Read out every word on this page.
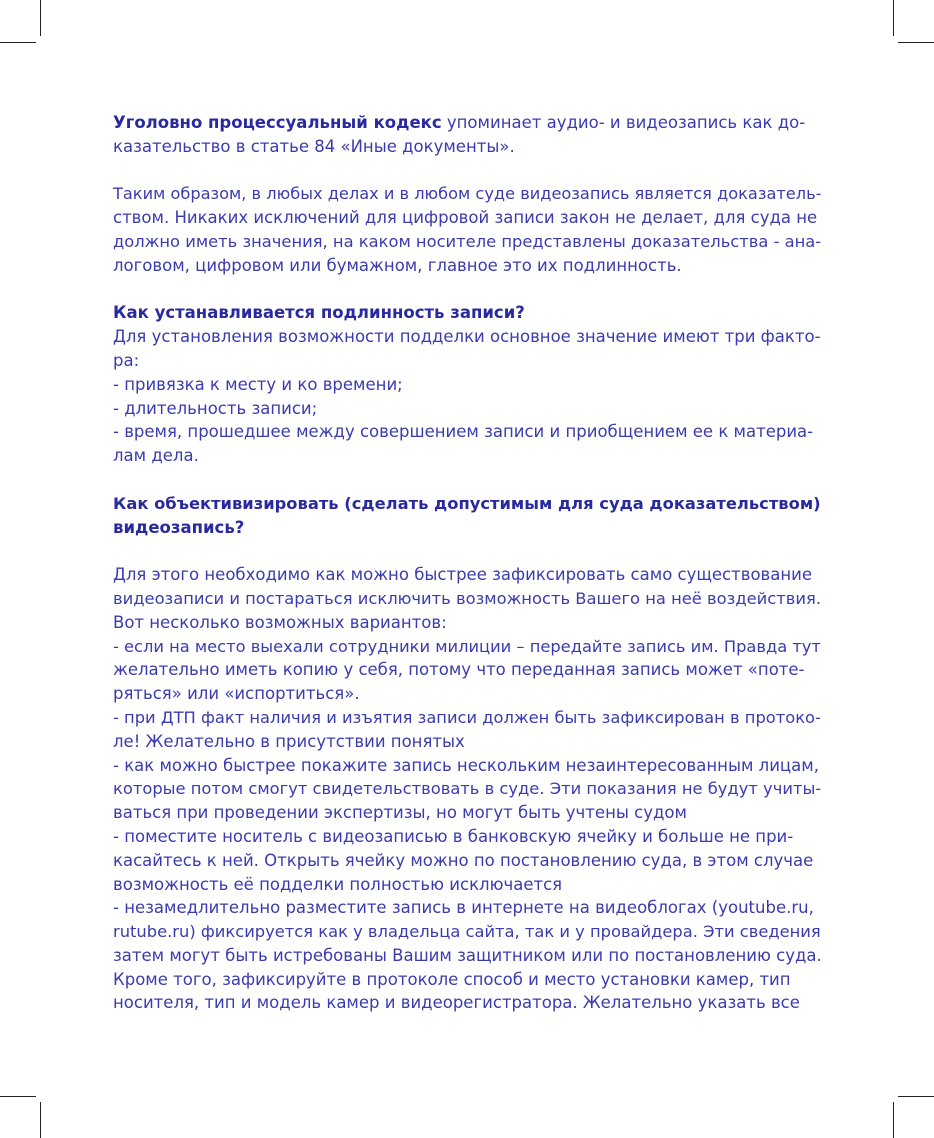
Уголовно процессуальный кодекс упоминает аудио- и видеозапись как до-
казательство в статье 84 «Иные документы».

Таким образом, в любых делах и в любом суде видеозапись является доказатель-
ством. Никаких исключений для цифровой записи закон не делает, для суда не
должно иметь значения, на каком носителе представлены доказательства - ана-
логовом, цифровом или бумажном, главное это их подлинность.

Как устанавливается подлинность записи?
Для установления возможности подделки основное значение имеют три факто-
ра:
- привязка к месту и ко времени;
- длительность записи;
- время, прошедшее между совершением записи и приобщением ее к материа-
лам дела.
Как объективизировать (сделать допустимым для суда доказательством)
видеозапись?
Для этого необходимо как можно быстрее зафиксировать само существование
видеозаписи и постараться исключить возможность Вашего на неё воздействия.
Вот несколько возможных вариантов:
- если на место выехали сотрудники милиции – передайте запись им. Правда тут
желательно иметь копию у себя, потому что переданная запись может «поте-
ряться» или «испортиться».
- при ДТП факт наличия и изъятия записи должен быть зафиксирован в протоко-
ле! Желательно в присутствии понятых
- как можно быстрее покажите запись нескольким незаинтересованным лицам,
которые потом смогут свидетельствовать в суде. Эти показания не будут учиты-
ваться при проведении экспертизы, но могут быть учтены судом
- поместите носитель с видеозаписью в банковскую ячейку и больше не при-
касайтесь к ней. Открыть ячейку можно по постановлению суда, в этом случае
возможность её подделки полностью исключается
- незамедлительно разместите запись в интернете на видеоблогах (youtube.ru,
rutube.ru) фиксируется как у владельца сайта, так и у провайдера. Эти сведения
затем могут быть истребованы Вашим защитником или по постановлению суда.
Кроме того, зафиксируйте в протоколе способ и место установки камер, тип
носителя, тип и модель камер и видеорегистратора. Желательно указать все
